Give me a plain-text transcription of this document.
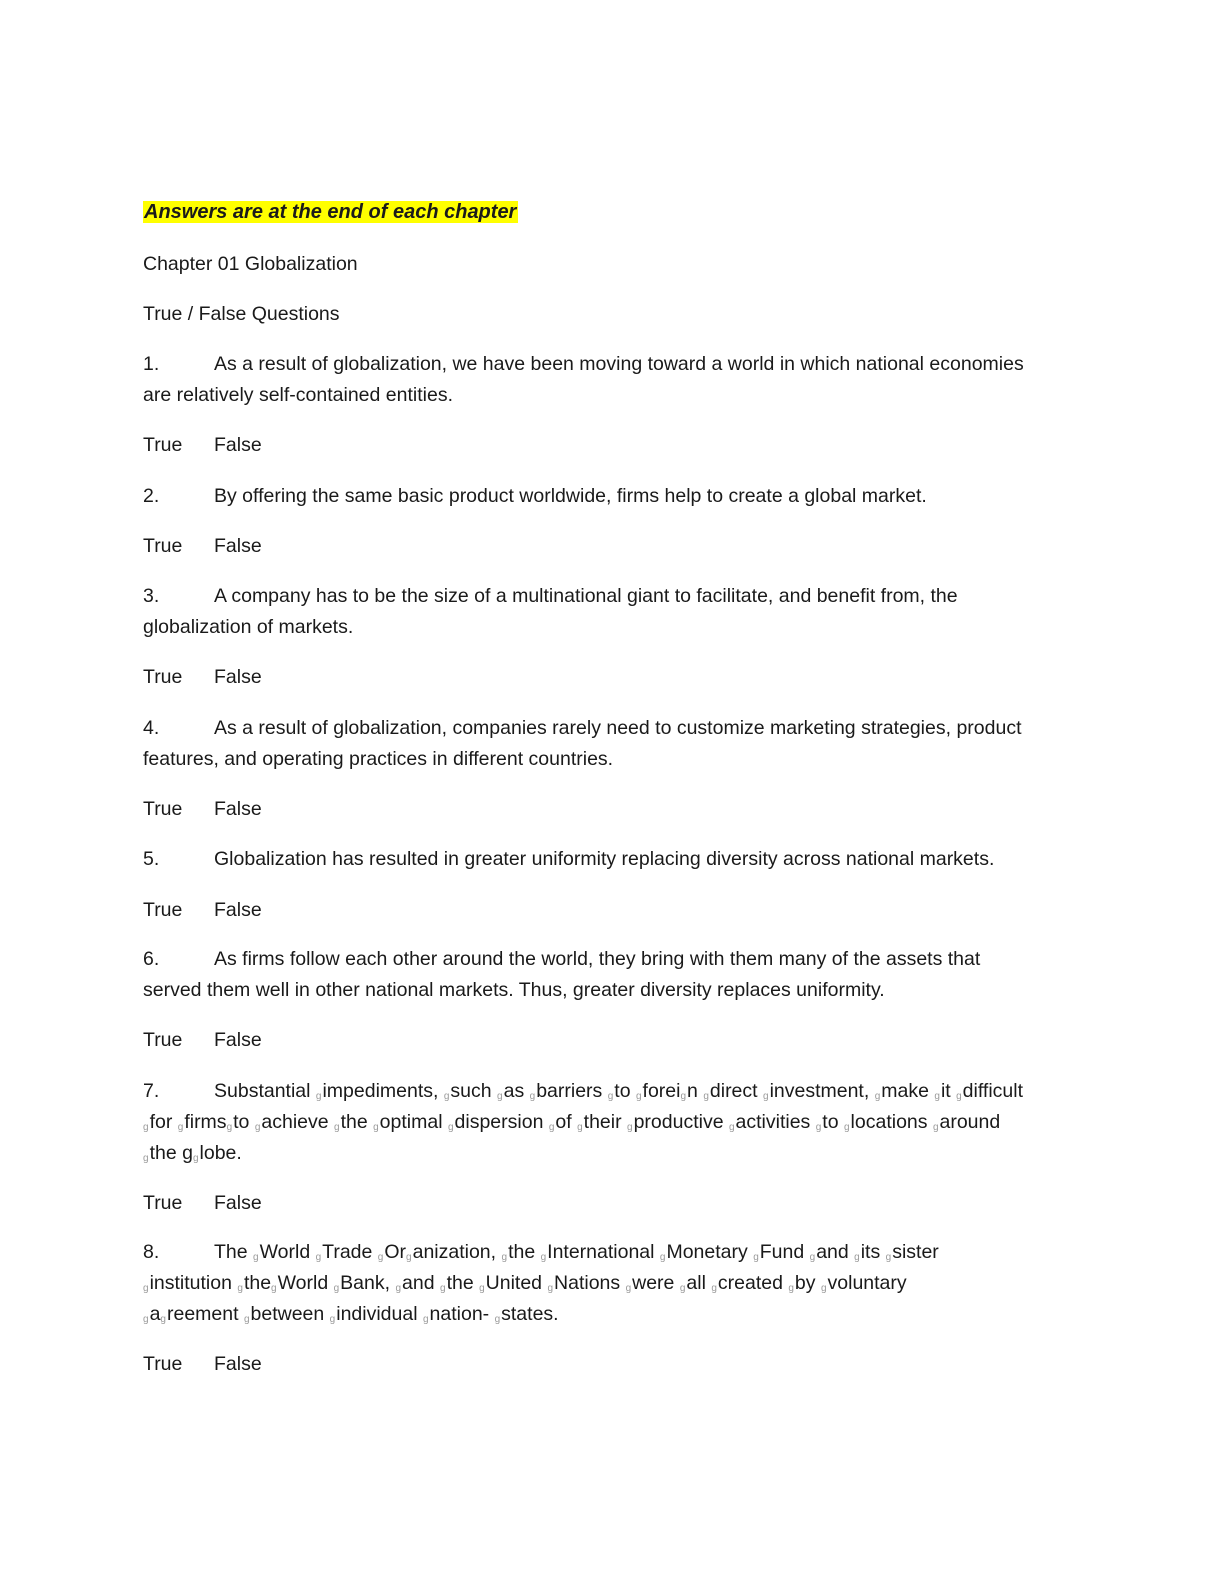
Answers are at the end of each chapter
Chapter 01 Globalization
True / False Questions
1.	As a result of globalization, we have been moving toward a world in which national economies
are relatively self-contained entities.
True False
2.	By offering the same basic product worldwide, firms help to create a global market.
True False
3.	A company has to be the size of a multinational giant to facilitate, and benefit from, the
globalization of markets.
True False
4.	As a result of globalization, companies rarely need to customize marketing strategies, product
features, and operating practices in different countries.
True False
5.	Globalization has resulted in greater uniformity replacing diversity across national markets.
True False
6.	As firms follow each other around the world, they bring with them many of the assets that
served them well in other national markets. Thus, greater diversity replaces uniformity.
True False
7.	Substantial gimpediments, gsuch gas gbarriers gto gforeign gdirect ginvestment, gmake git gdifficult
gfor gfirmsgto gachieve gthe goptimal gdispersion gof gtheir gproductive gactivities gto glocations garound
gthe gglobe.
True False
8.	The gWorld gTrade gOrganization, gthe gInternational gMonetary gFund gand gits gsister
ginstitution gthegWorld gBank, gand gthe gUnited gNations gwere gall gcreated gby gvoluntary
gagreement gbetween gindividual gnation- gstates.
True False
